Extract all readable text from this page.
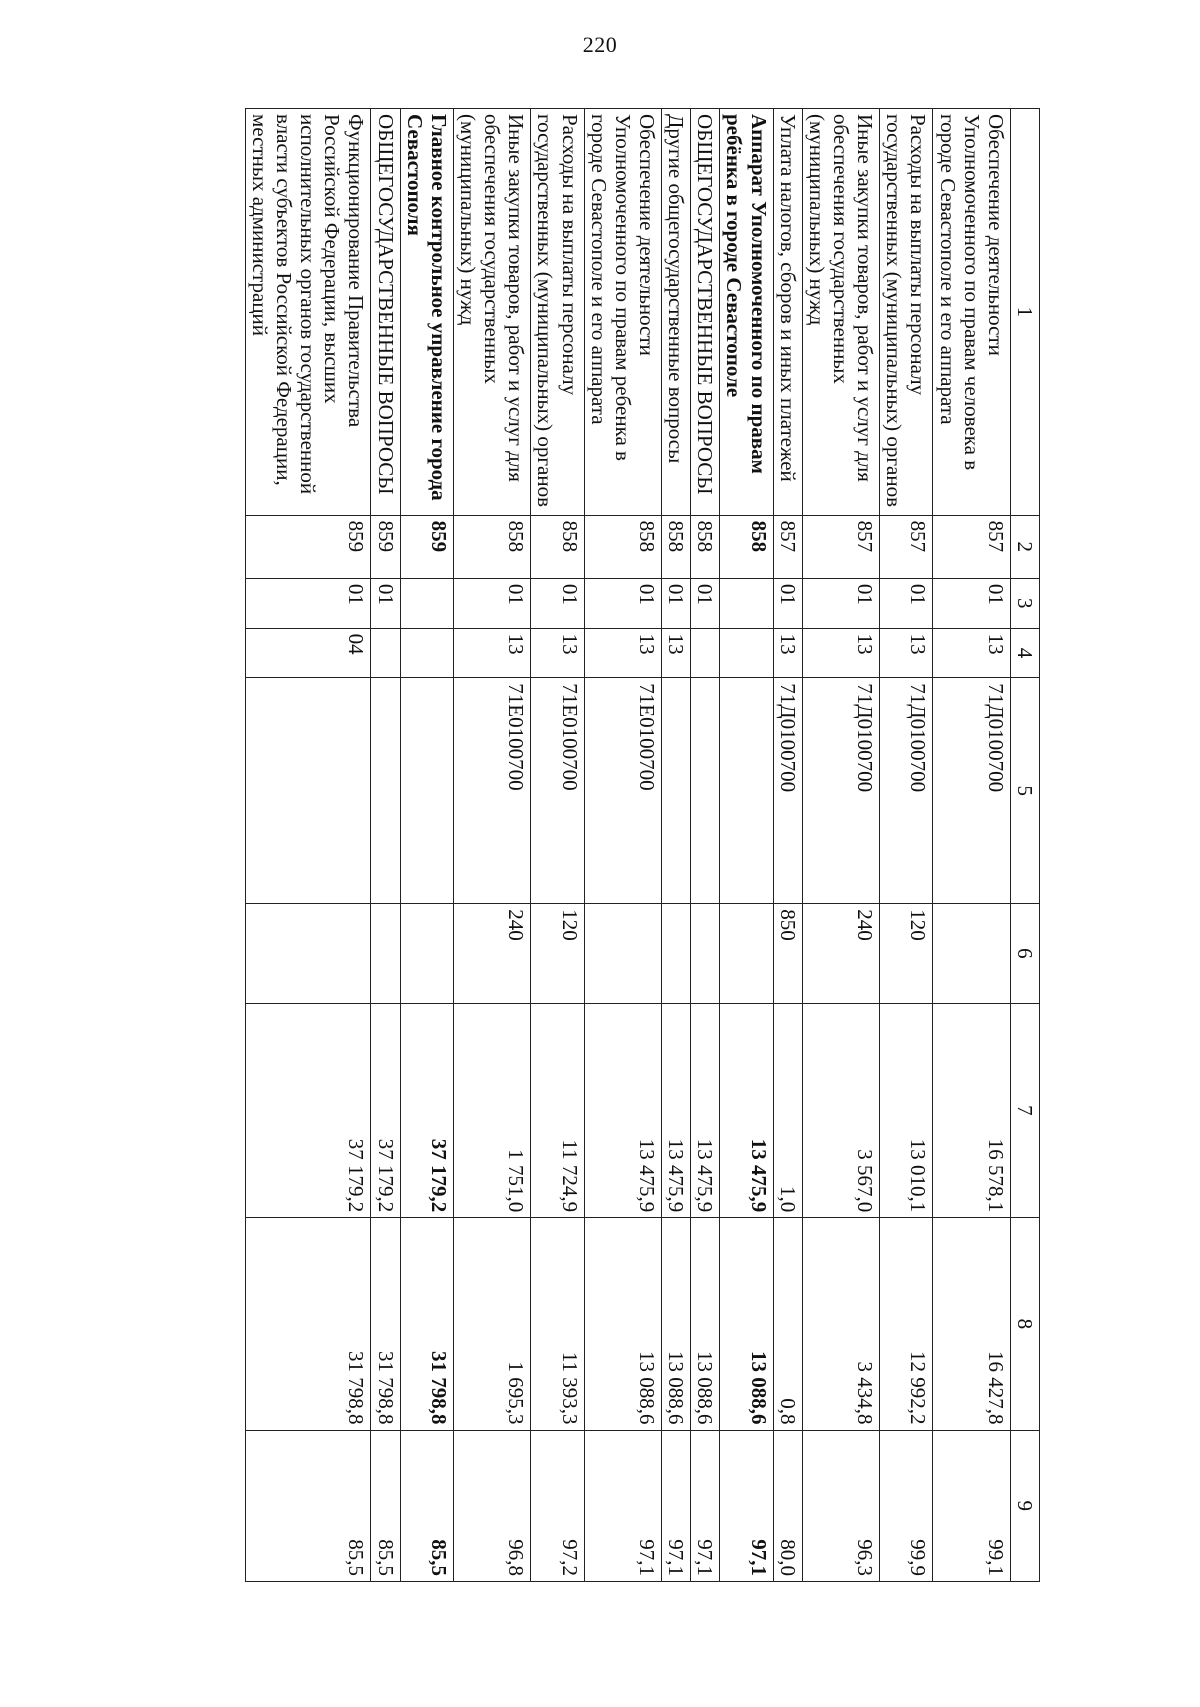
220
1	2	3	4	5	6	7	8	9
Обеспечение деятельности Уполномоченного по правам человека в городе Севастополе и его аппарата	857	01	13	71Д0100700		16 578,1	16 427,8	99,1
Расходы на выплаты персоналу государственных (муниципальных) органов	857	01	13	71Д0100700	120	13 010,1	12 992,2	99,9
Иные закупки товаров, работ и услуг для обеспечения государственных (муниципальных) нужд	857	01	13	71Д0100700	240	3 567,0	3 434,8	96,3
Уплата налогов, сборов и иных платежей	857	01	13	71Д0100700	850	1,0	0,8	80,0
Аппарат Уполномоченного по правам ребёнка в городе Севастополе	858					13 475,9	13 088,6	97,1
ОБЩЕГОСУДАРСТВЕННЫЕ ВОПРОСЫ	858	01				13 475,9	13 088,6	97,1
Другие общегосударственные вопросы	858	01	13			13 475,9	13 088,6	97,1
Обеспечение деятельности Уполномоченного по правам ребенка в городе Севастополе и его аппарата	858	01	13	71Е0100700		13 475,9	13 088,6	97,1
Расходы на выплаты персоналу государственных (муниципальных) органов	858	01	13	71Е0100700	120	11 724,9	11 393,3	97,2
Иные закупки товаров, работ и услуг для обеспечения государственных (муниципальных) нужд	858	01	13	71Е0100700	240	1 751,0	1 695,3	96,8
Главное контрольное управление города Севастополя	859					37 179,2	31 798,8	85,5
ОБЩЕГОСУДАРСТВЕННЫЕ ВОПРОСЫ	859	01				37 179,2	31 798,8	85,5
Функционирование Правительства Российской Федерации, высших исполнительных органов государственной власти субъектов Российской Федерации, местных администраций	859	01	04			37 179,2	31 798,8	85,5
